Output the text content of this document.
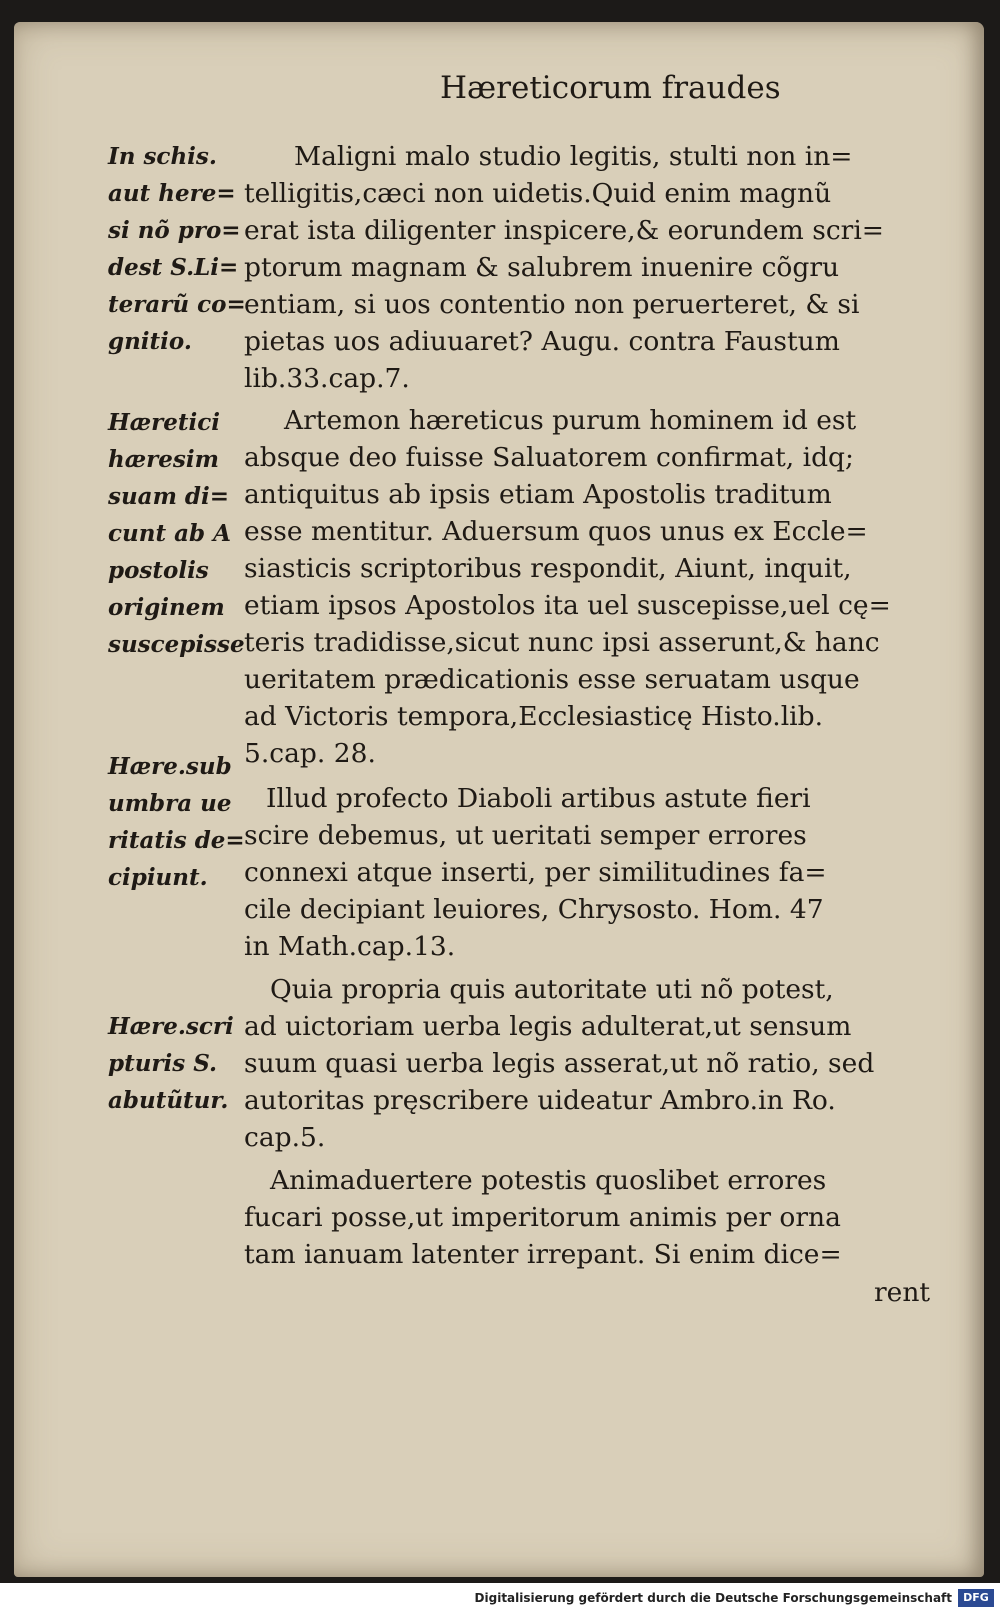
Hæreticorum fraudes
In schis.
aut here=
si nõ pro=
dest S.Li=
terarũ co=
gnitio.
Hæretici
hæresim
suam di=
cunt ab A
postolis
originem
suscepisse
Hære.sub
umbra ue
ritatis de=
cipiunt.
Hære.scri
pturis S.
abutũtur.
Maligni malo studio legitis, stulti non in=
telligitis,cæci non uidetis.Quid enim magnũ
erat ista diligenter inspicere,& eorundem scri=
ptorum magnam & salubrem inuenire cõgru
entiam, si uos contentio non peruerteret, & si
pietas uos adiuuaret? Augu. contra Faustum
lib.33.cap.7.
Artemon hæreticus purum hominem id est
absque deo fuisse Saluatorem confirmat, idq;
antiquitus ab ipsis etiam Apostolis traditum
esse mentitur. Aduersum quos unus ex Eccle=
siasticis scriptoribus respondit, Aiunt, inquit,
etiam ipsos Apostolos ita uel suscepisse,uel cę=
teris tradidisse,sicut nunc ipsi asserunt,& hanc
ueritatem prædicationis esse seruatam usque
ad Victoris tempora,Ecclesiasticę Histo.lib.
5.cap. 28.
Illud profecto Diaboli artibus astute fieri
scire debemus, ut ueritati semper errores
connexi atque inserti, per similitudines fa=
cile decipiant leuiores, Chrysosto. Hom. 47
in Math.cap.13.
Quia propria quis autoritate uti nõ potest,
ad uictoriam uerba legis adulterat,ut sensum
suum quasi uerba legis asserat,ut nõ ratio, sed
autoritas pręscribere uideatur Ambro.in Ro.
cap.5.
Animaduertere potestis quoslibet errores
fucari posse,ut imperitorum animis per orna
tam ianuam latenter irrepant. Si enim dice=
rent
Digitalisierung gefördert durch die Deutsche Forschungsgemeinschaft	DFG
